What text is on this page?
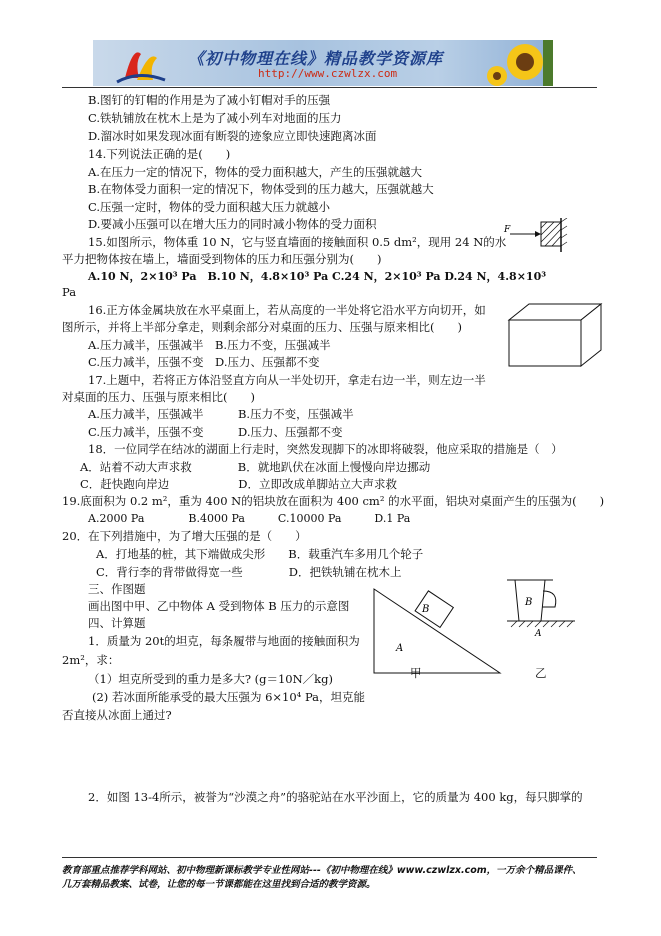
《初中物理在线》精品教学资源库
http://www.czwlzx.com
B.图钉的钉帽的作用是为了减小钉帽对手的压强
C.铁轨铺放在枕木上是为了减小列车对地面的压力
D.溜冰时如果发现冰面有断裂的迹象应立即快速跑离冰面
14.下列说法正确的是(　　)
A.在压力一定的情况下，物体的受力面积越大，产生的压强就越大
B.在物体受力面积一定的情况下，物体受到的压力越大，压强就越大
C.压强一定时，物体的受力面积越大压力就越小
D.要减小压强可以在增大压力的同时减小物体的受力面积
15.如图所示，物体重 10 N，它与竖直墙面的接触面积 0.5 dm²，现用 24 N的水
平力把物体按在墙上，墙面受到物体的压力和压强分别为(　　)
A.10 N，2×10³ Pa　B.10 N，4.8×10³ Pa C.24 N，2×10³ Pa D.24 N，4.8×10³
Pa
16.正方体金属块放在水平桌面上，若从高度的一半处将它沿水平方向切开，如
图所示，并将上半部分拿走，则剩余部分对桌面的压力、压强与原来相比(　　)
A.压力减半，压强减半　B.压力不变，压强减半
C.压力减半，压强不变　D.压力、压强都不变
17.上题中，若将正方体沿竖直方向从一半处切开，拿走右边一半，则左边一半
对桌面的压力、压强与原来相比(　　)
A.压力减半，压强减半　　　B.压力不变，压强减半
C.压力减半，压强不变　　　D.压力、压强都不变
18．一位同学在结冰的湖面上行走时，突然发现脚下的冰即将破裂，他应采取的措施是（　）
A．站着不动大声求救　　　　B．就地趴伏在冰面上慢慢向岸边挪动
C．赶快跑向岸边　　　　　　D．立即改成单脚站立大声求救
19.底面积为 0.2 m²，重为 400 N的铝块放在面积为 400 cm² 的水平面，铝块对桌面产生的压强为(　　)
A.2000 Pa　　　　B.4000 Pa　　　C.10000 Pa　　　D.1 Pa
20．在下列措施中，为了增大压强的是（　　）
A．打地基的桩，其下端做成尖形　　B．载重汽车多用几个轮子
C．背行李的背带做得宽一些　　　　D．把铁轨铺在枕木上
三、作图题
画出图中甲、乙中物体 A 受到物体 B 压力的示意图
四、计算题
1．质量为 20t的坦克，每条履带与地面的接触面积为
2m²，求：
（1）坦克所受到的重力是多大? (g＝10N／kg)
(2) 若冰面所能承受的最大压强为 6×10⁴ Pa，坦克能
否直接从冰面上通过?
2．如图 13-4所示，被誉为“沙漠之舟”的骆驼站在水平沙面上，它的质量为 400 kg，每只脚掌的
F
B
A
甲
B
A
乙
教育部重点推荐学科网站、初中物理新课标教学专业性网站---《初中物理在线》www.czwlzx.com，一万余个精品课件、
几万套精品教案、试卷，让您的每一节课都能在这里找到合适的教学资源。
